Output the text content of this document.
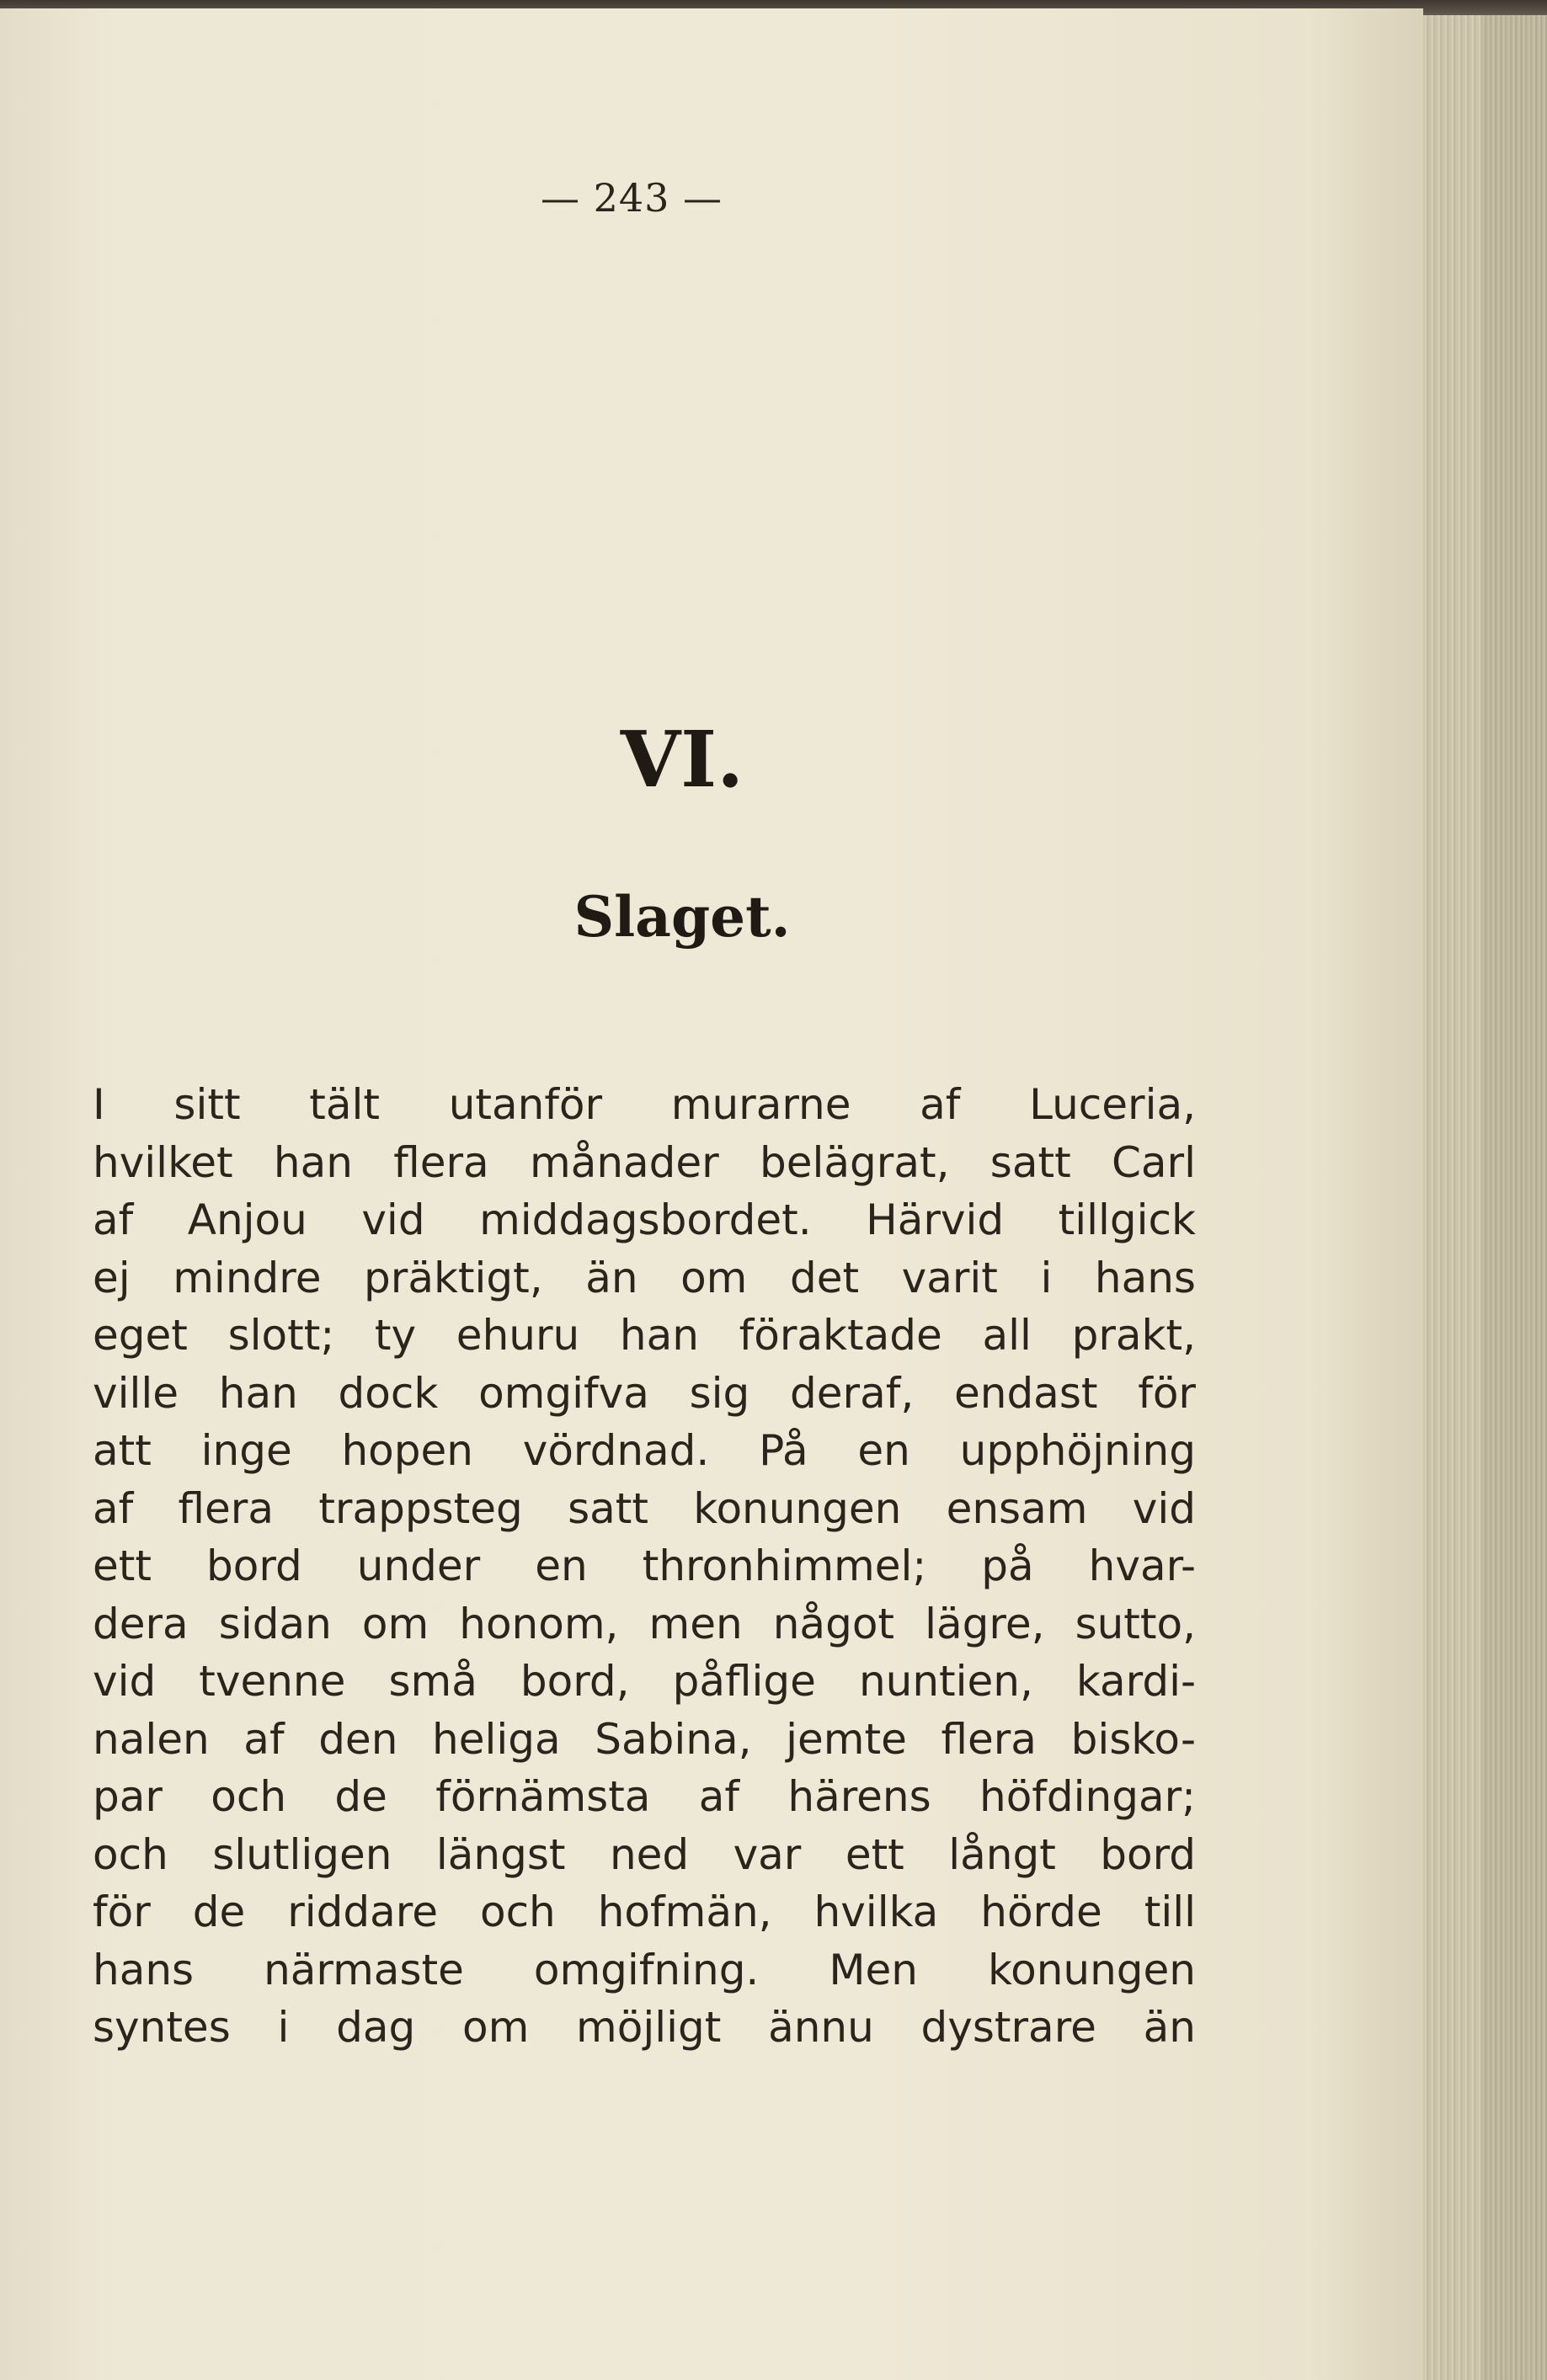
— 243 —
VI.
Slaget.
I sitt tält utanför murarne af Luceria,
hvilket han flera månader belägrat, satt Carl
af Anjou vid middagsbordet. Härvid tillgick
ej mindre präktigt, än om det varit i hans
eget slott; ty ehuru han föraktade all prakt,
ville han dock omgifva sig deraf, endast för
att inge hopen vördnad. På en upphöjning
af flera trappsteg satt konungen ensam vid
ett bord under en thronhimmel; på hvar-
dera sidan om honom, men något lägre, sutto,
vid tvenne små bord, påflige nuntien, kardi-
nalen af den heliga Sabina, jemte flera bisko-
par och de förnämsta af härens höfdingar;
och slutligen längst ned var ett långt bord
för de riddare och hofmän, hvilka hörde till
hans närmaste omgifning. Men konungen
syntes i dag om möjligt ännu dystrare än
